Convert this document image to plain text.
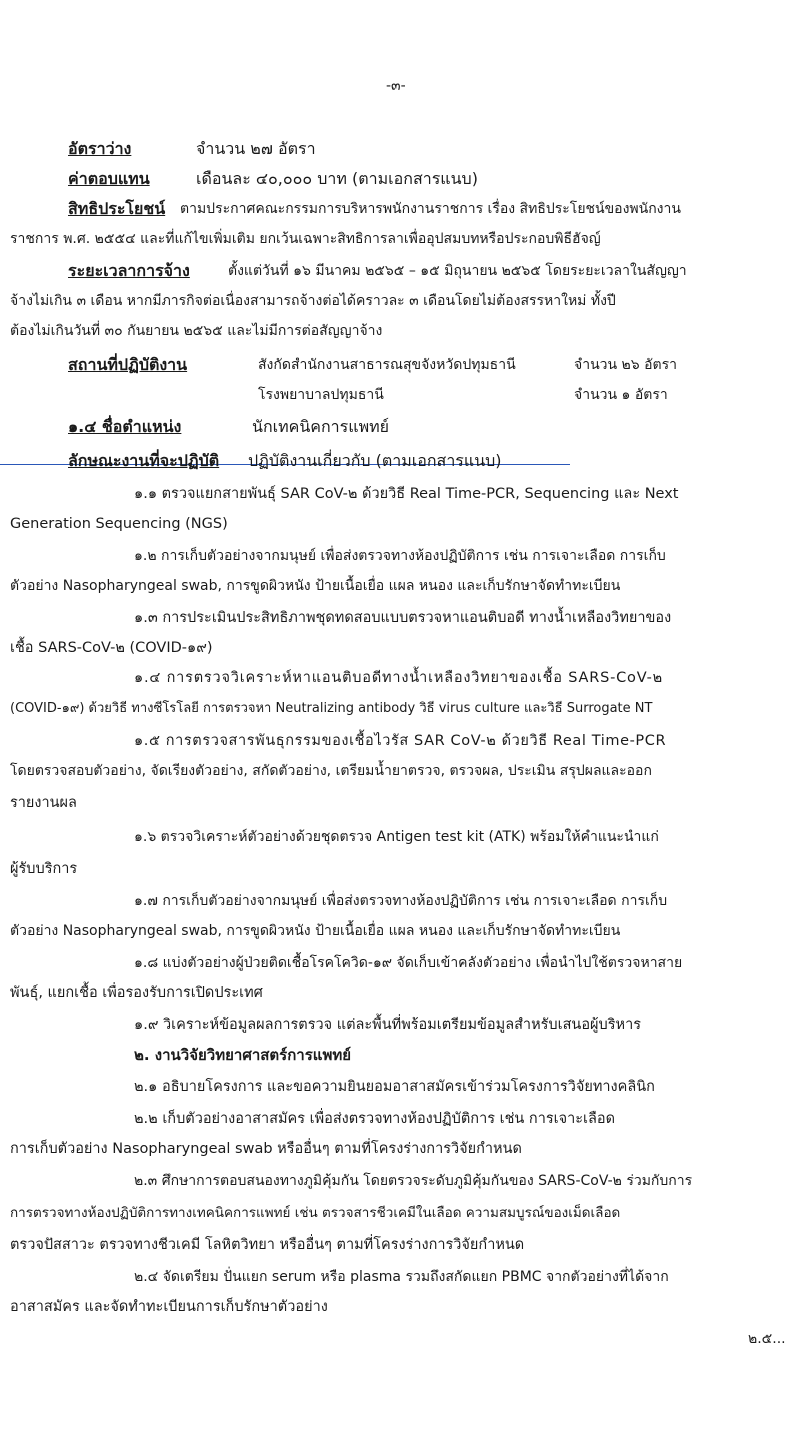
-๓-
อัตราว่าง	จำนวน ๒๗ อัตรา
ค่าตอบแทน	เดือนละ ๔๐,๐๐๐ บาท (ตามเอกสารแนบ)
สิทธิประโยชน์ ตามประกาศคณะกรรมการบริหารพนักงานราชการ เรื่อง สิทธิประโยชน์ของพนักงาน
ราชการ พ.ศ. ๒๕๕๔ และที่แก้ไขเพิ่มเติม ยกเว้นเฉพาะสิทธิการลาเพื่ออุปสมบทหรือประกอบพิธีฮัจญ์
ระยะเวลาการจ้าง	ตั้งแต่วันที่ ๑๖ มีนาคม ๒๕๖๕ – ๑๕ มิถุนายน ๒๕๖๕ โดยระยะเวลาในสัญญา
จ้างไม่เกิน ๓ เดือน หากมีภารกิจต่อเนื่องสามารถจ้างต่อได้คราวละ ๓ เดือนโดยไม่ต้องสรรหาใหม่ ทั้งปี
ต้องไม่เกินวันที่ ๓๐ กันยายน ๒๕๖๕ และไม่มีการต่อสัญญาจ้าง
สถานที่ปฏิบัติงาน	สังกัดสำนักงานสาธารณสุขจังหวัดปทุมธานี	จำนวน ๒๖ อัตรา
โรงพยาบาลปทุมธานี	จำนวน ๑ อัตรา
๑.๔ ชื่อตำแหน่ง	นักเทคนิคการแพทย์
ลักษณะงานที่จะปฏิบัติ ปฏิบัติงานเกี่ยวกับ (ตามเอกสารแนบ)
๑.๑ ตรวจแยกสายพันธุ์ SAR CoV-๒ ด้วยวิธี Real Time-PCR, Sequencing และ Next
Generation Sequencing (NGS)
๑.๒ การเก็บตัวอย่างจากมนุษย์ เพื่อส่งตรวจทางห้องปฏิบัติการ เช่น การเจาะเลือด การเก็บ
ตัวอย่าง Nasopharyngeal swab, การขูดผิวหนัง ป้ายเนื้อเยื่อ แผล หนอง และเก็บรักษาจัดทำทะเบียน
๑.๓ การประเมินประสิทธิภาพชุดทดสอบแบบตรวจหาแอนติบอดี ทางน้ำเหลืองวิทยาของ
เชื้อ SARS-CoV-๒ (COVID-๑๙)
๑.๔ การตรวจวิเคราะห์หาแอนติบอดีทางน้ำเหลืองวิทยาของเชื้อ SARS-CoV-๒
(COVID-๑๙) ด้วยวิธี ทางซีโรโลยี การตรวจหา Neutralizing antibody วิธี virus culture และวิธี Surrogate NT
๑.๕ การตรวจสารพันธุกรรมของเชื้อไวรัส SAR CoV-๒ ด้วยวิธี Real Time-PCR
โดยตรวจสอบตัวอย่าง, จัดเรียงตัวอย่าง, สกัดตัวอย่าง, เตรียมน้ำยาตรวจ, ตรวจผล, ประเมิน สรุปผลและออก
รายงานผล
๑.๖ ตรวจวิเคราะห์ตัวอย่างด้วยชุดตรวจ Antigen test kit (ATK) พร้อมให้คำแนะนำแก่
ผู้รับบริการ
๑.๗ การเก็บตัวอย่างจากมนุษย์ เพื่อส่งตรวจทางห้องปฏิบัติการ เช่น การเจาะเลือด การเก็บ
ตัวอย่าง Nasopharyngeal swab, การขูดผิวหนัง ป้ายเนื้อเยื่อ แผล หนอง และเก็บรักษาจัดทำทะเบียน
๑.๘ แบ่งตัวอย่างผู้ป่วยติดเชื้อโรคโควิด-๑๙ จัดเก็บเข้าคลังตัวอย่าง เพื่อนำไปใช้ตรวจหาสาย
พันธุ์, แยกเชื้อ เพื่อรองรับการเปิดประเทศ
๑.๙ วิเคราะห์ข้อมูลผลการตรวจ แต่ละพื้นที่พร้อมเตรียมข้อมูลสำหรับเสนอผู้บริหาร
๒. งานวิจัยวิทยาศาสตร์การแพทย์
๒.๑ อธิบายโครงการ และขอความยินยอมอาสาสมัครเข้าร่วมโครงการวิจัยทางคลินิก
๒.๒ เก็บตัวอย่างอาสาสมัคร เพื่อส่งตรวจทางห้องปฏิบัติการ เช่น การเจาะเลือด
การเก็บตัวอย่าง Nasopharyngeal swab หรืออื่นๆ ตามที่โครงร่างการวิจัยกำหนด
๒.๓ ศึกษาการตอบสนองทางภูมิคุ้มกัน โดยตรวจระดับภูมิคุ้มกันของ SARS-CoV-๒ ร่วมกับการ
การตรวจทางห้องปฏิบัติการทางเทคนิคการแพทย์ เช่น ตรวจสารชีวเคมีในเลือด ความสมบูรณ์ของเม็ดเลือด
ตรวจปัสสาวะ ตรวจทางชีวเคมี โลหิตวิทยา หรืออื่นๆ ตามที่โครงร่างการวิจัยกำหนด
๒.๔ จัดเตรียม ปั่นแยก serum หรือ plasma รวมถึงสกัดแยก PBMC จากตัวอย่างที่ได้จาก
อาสาสมัคร และจัดทำทะเบียนการเก็บรักษาตัวอย่าง
๒.๕...
